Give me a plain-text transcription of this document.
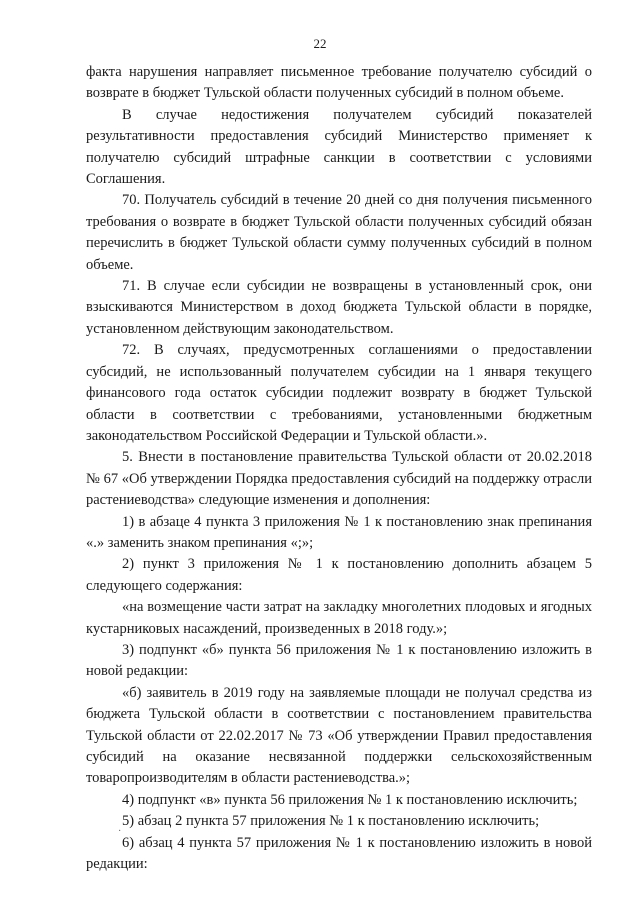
22

факта нарушения направляет письменное требование получателю субсидий о возврате в бюджет Тульской области полученных субсидий в полном объеме.

В случае недостижения получателем субсидий показателей результативности предоставления субсидий Министерство применяет к получателю субсидий штрафные санкции в соответствии с условиями Соглашения.

70. Получатель субсидий в течение 20 дней со дня получения письменного требования о возврате в бюджет Тульской области полученных субсидий обязан перечислить в бюджет Тульской области сумму полученных субсидий в полном объеме.

71. В случае если субсидии не возвращены в установленный срок, они взыскиваются Министерством в доход бюджета Тульской области в порядке, установленном действующим законодательством.

72. В случаях, предусмотренных соглашениями о предоставлении субсидий, не использованный получателем субсидии на 1 января текущего финансового года остаток субсидии подлежит возврату в бюджет Тульской области в соответствии с требованиями, установленными бюджетным законодательством Российской Федерации и Тульской области.».

5. Внести в постановление правительства Тульской области от 20.02.2018 № 67 «Об утверждении Порядка предоставления субсидий на поддержку отрасли растениеводства» следующие изменения и дополнения:

1) в абзаце 4 пункта 3 приложения № 1 к постановлению знак препинания «.» заменить знаком препинания «;»;

2) пункт 3 приложения № 1 к постановлению дополнить абзацем 5 следующего содержания:

«на возмещение части затрат на закладку многолетних плодовых и ягодных кустарниковых насаждений, произведенных в 2018 году.»;

3) подпункт «б» пункта 56 приложения № 1 к постановлению изложить в новой редакции:

«б) заявитель в 2019 году на заявляемые площади не получал средства из бюджета Тульской области в соответствии с постановлением правительства Тульской области от 22.02.2017 № 73 «Об утверждении Правил предоставления субсидий на оказание несвязанной поддержки сельскохозяйственным товаропроизводителям в области растениеводства.»;

4) подпункт «в» пункта 56 приложения № 1 к постановлению исключить;

5) абзац 2 пункта 57 приложения № 1 к постановлению исключить;

6) абзац 4 пункта 57 приложения № 1 к постановлению изложить в новой редакции:

·
